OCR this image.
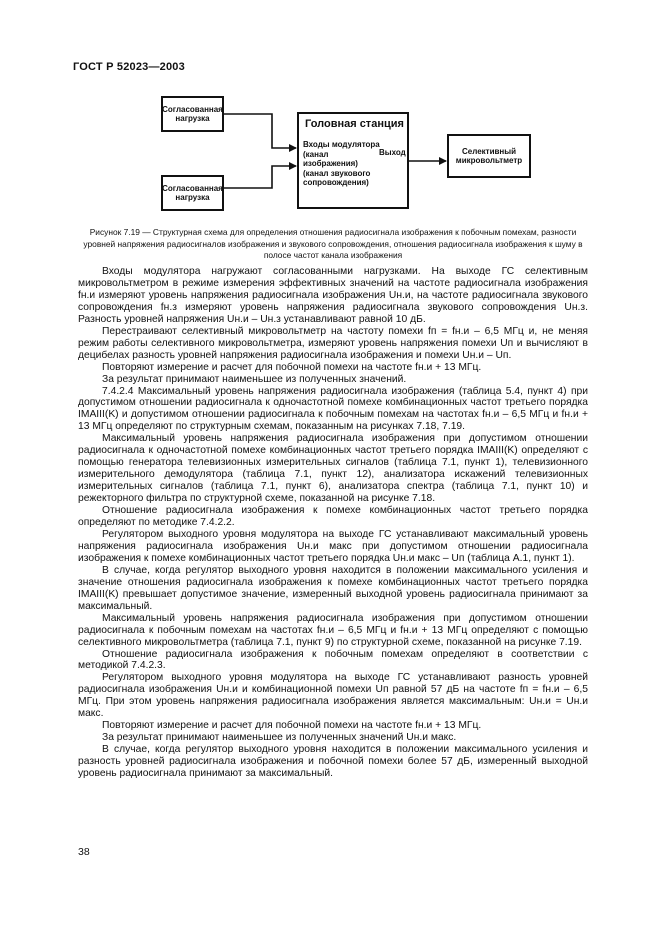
ГОСТ Р 52023—2003
Согласованная нагрузка
Согласованная нагрузка
Головная станция
Входы модулятора (канал изображения) (канал звукового сопровождения)
Выход	Селективный микровольтметр
Рисунок 7.19 — Структурная схема для определения отношения радиосигнала изображения к побочным помехам, разности уровней напряжения радиосигналов изображения и звукового сопровождения, отношения радиосигнала изображения к шуму в полосе частот канала изображения

Входы модулятора нагружают согласованными нагрузками. На выходе ГС селективным микровольтметром в режиме измерения эффективных значений на частоте радиосигнала изображения fн.и измеряют уровень напряжения радиосигнала изображения Uн.и, на частоте радиосигнала звукового сопровождения fн.з измеряют уровень напряжения радиосигнала звукового сопровождения Uн.з. Разность уровней напряжения Uн.и – Uн.з устанавливают равной 10 дБ.

Перестраивают селективный микровольтметр на частоту помехи fп = fн.и – 6,5 МГц и, не меняя режим работы селективного микровольтметра, измеряют уровень напряжения помехи Uп и вычисляют в децибелах разность уровней напряжения радиосигнала изображения и помехи Uн.и – Uп.

Повторяют измерение и расчет для побочной помехи на частоте fн.и + 13 МГц.

За результат принимают наименьшее из полученных значений.

7.4.2.4 Максимальный уровень напряжения радиосигнала изображения (таблица 5.4, пункт 4) при допустимом отношении радиосигнала к одночастотной помехе комбинационных частот третьего порядка IMAIII(K) и допустимом отношении радиосигнала к побочным помехам на частотах fн.и – 6,5 МГц и fн.и + 13 МГц определяют по структурным схемам, показанным на рисунках 7.18, 7.19.

Максимальный уровень напряжения радиосигнала изображения при допустимом отношении радиосигнала к одночастотной помехе комбинационных частот третьего порядка IMAIII(K) определяют с помощью генератора телевизионных измерительных сигналов (таблица 7.1, пункт 1), телевизионного измерительного демодулятора (таблица 7.1, пункт 12), анализатора искажений телевизионных измерительных сигналов (таблица 7.1, пункт 6), анализатора спектра (таблица 7.1, пункт 10) и режекторного фильтра по структурной схеме, показанной на рисунке 7.18.

Отношение радиосигнала изображения к помехе комбинационных частот третьего порядка определяют по методике 7.4.2.2.

Регулятором выходного уровня модулятора на выходе ГС устанавливают максимальный уровень напряжения радиосигнала изображения Uн.и макс при допустимом отношении радиосигнала изображения к помехе комбинационных частот третьего порядка Uн.и макс – Uп (таблица А.1, пункт 1).

В случае, когда регулятор выходного уровня находится в положении максимального усиления и значение отношения радиосигнала изображения к помехе комбинационных частот третьего порядка IMAIII(K) превышает допустимое значение, измеренный выходной уровень радиосигнала принимают за максимальный.

Максимальный уровень напряжения радиосигнала изображения при допустимом отношении радиосигнала к побочным помехам на частотах fн.и – 6,5 МГц и fн.и + 13 МГц определяют с помощью селективного микровольтметра (таблица 7.1, пункт 9) по структурной схеме, показанной на рисунке 7.19.

Отношение радиосигнала изображения к побочным помехам определяют в соответствии с методикой 7.4.2.3.

Регулятором выходного уровня модулятора на выходе ГС устанавливают разность уровней радиосигнала изображения Uн.и и комбинационной помехи Uп равной 57 дБ на частоте fп = fн.и – 6,5 МГц. При этом уровень напряжения радиосигнала изображения является максимальным: Uн.и = Uн.и макс.

Повторяют измерение и расчет для побочной помехи на частоте fн.и + 13 МГц.

За результат принимают наименьшее из полученных значений Uн.и макс.

В случае, когда регулятор выходного уровня находится в положении максимального усиления и разность уровней радиосигнала изображения и побочной помехи более 57 дБ, измеренный выходной уровень радиосигнала принимают за максимальный.

38
